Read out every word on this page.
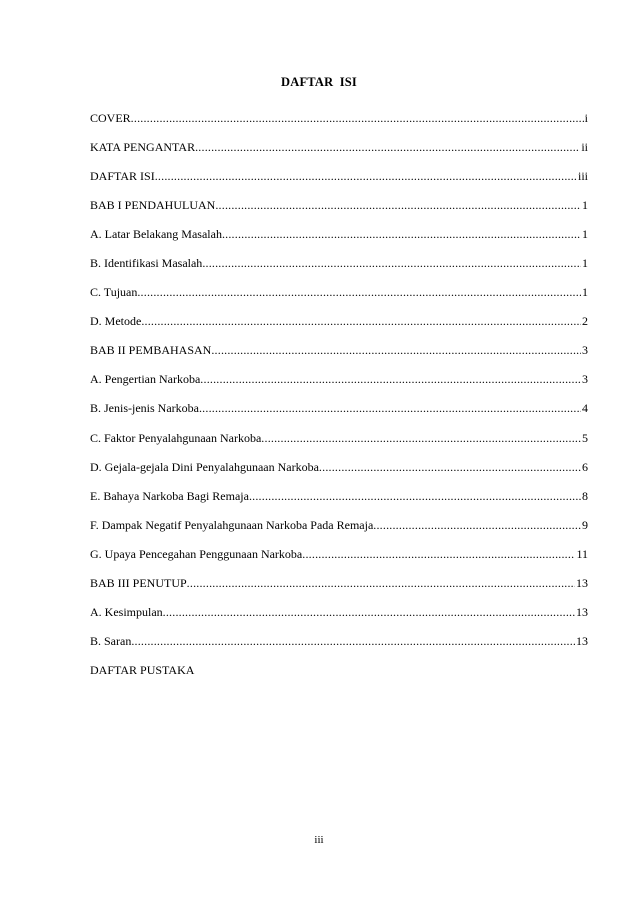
DAFTAR ISI
COVER .....	i
KATA PENGANTAR .....	ii
DAFTAR ISI .....	iii
BAB I PENDAHULUAN .....	1
A. Latar Belakang Masalah .....	1
B. Identifikasi Masalah .....	1
C. Tujuan .....	1
D. Metode .....	2
BAB II PEMBAHASAN .....	3
A. Pengertian Narkoba .....	3
B. Jenis-jenis Narkoba .....	4
C. Faktor Penyalahgunaan Narkoba .....	5
D. Gejala-gejala Dini Penyalahgunaan Narkoba .....	6
E. Bahaya Narkoba Bagi Remaja .....	8
F. Dampak Negatif Penyalahgunaan Narkoba Pada Remaja .....	9
G. Upaya Pencegahan Penggunaan Narkoba .....	11
BAB III PENUTUP .....	13
A. Kesimpulan .....	13
B. Saran .....	13
DAFTAR PUSTAKA
iii
